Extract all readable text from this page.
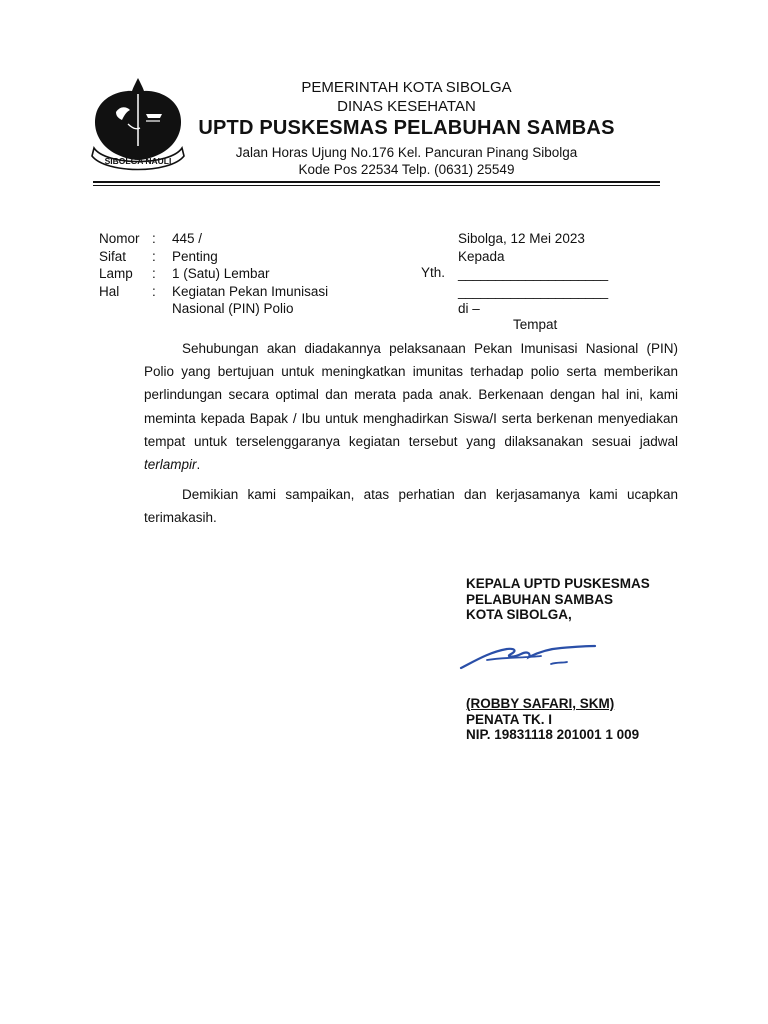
SIBOLGA NAULI
PEMERINTAH KOTA SIBOLGA
DINAS KESEHATAN
UPTD PUSKESMAS PELABUHAN SAMBAS
Jalan Horas Ujung No.176 Kel. Pancuran Pinang Sibolga
Kode Pos 22534 Telp. (0631) 25549
Nomor
Sifat
Lamp
Hal
:
:
:
:
445 /
Penting
1 (Satu) Lembar
Kegiatan Pekan Imunisasi
Nasional (PIN) Polio
Yth.
Sibolga, 12 Mei 2023
Kepada
____________________
____________________
di –
Tempat

Sehubungan akan diadakannya pelaksanaan Pekan Imunisasi Nasional (PIN) Polio yang bertujuan untuk meningkatkan imunitas terhadap polio serta memberikan perlindungan secara optimal dan merata pada anak. Berkenaan dengan hal ini, kami meminta kepada Bapak / Ibu untuk menghadirkan Siswa/I serta berkenan menyediakan tempat untuk terselenggaranya kegiatan tersebut yang dilaksanakan sesuai jadwal terlampir.

Demikian kami sampaikan, atas perhatian dan kerjasamanya kami ucapkan terimakasih.

KEPALA UPTD PUSKESMAS
PELABUHAN SAMBAS
KOTA SIBOLGA,
(ROBBY SAFARI, SKM)
PENATA TK. I
NIP. 19831118 201001 1 009
